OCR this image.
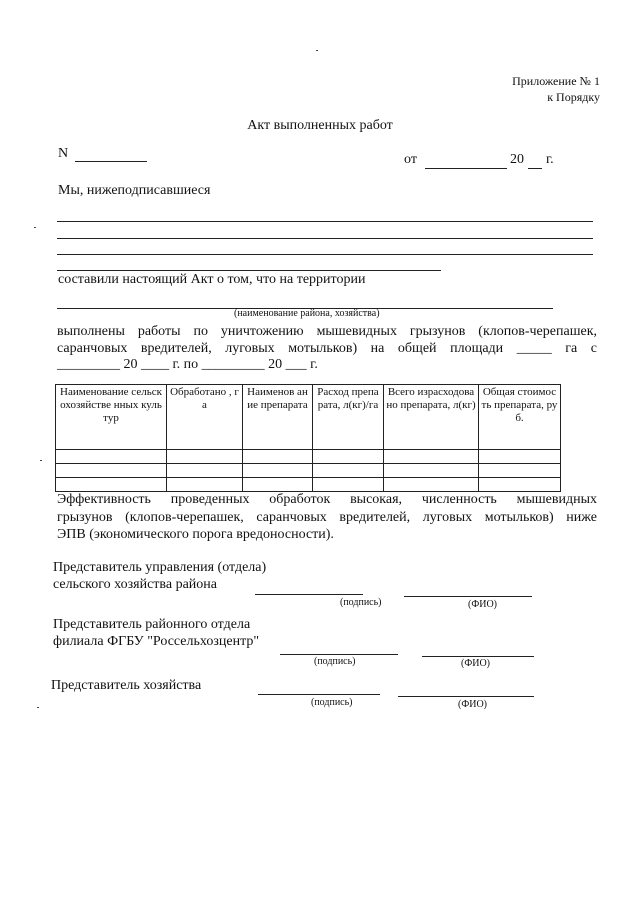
Приложение № 1
к Порядку
Акт выполненных работ
N	от	20 г.
Мы, нижеподписавшиеся
составили настоящий Акт о том, что на территории
(наименование района, хозяйства)
выполнены работы по уничтожению мышевидных грызунов (клопов-черепашек,
саранчовых вредителей, луговых мотыльков) на общей площади _____ га с
_________ 20 ____ г. по _________ 20 ___ г.
Наименование сельскохозяйстве нных культур	Обработано , га	Наименов ание препарата	Расход препарата, л(кг)/га	Всего израсходовано препарата, л(кг)	Общая стоимость препарата, руб.

Эффективность проведенных обработок высокая, численность мышевидных
грызунов (клопов-черепашек, саранчовых вредителей, луговых мотыльков) ниже
ЭПВ (экономического порога вредоносности).
Представитель управления (отдела)
сельского хозяйства района
(подпись)	(ФИО)
Представитель районного отдела
филиала ФГБУ "Россельхозцентр"
(подпись)	(ФИО)
Представитель хозяйства
(подпись)	(ФИО)
